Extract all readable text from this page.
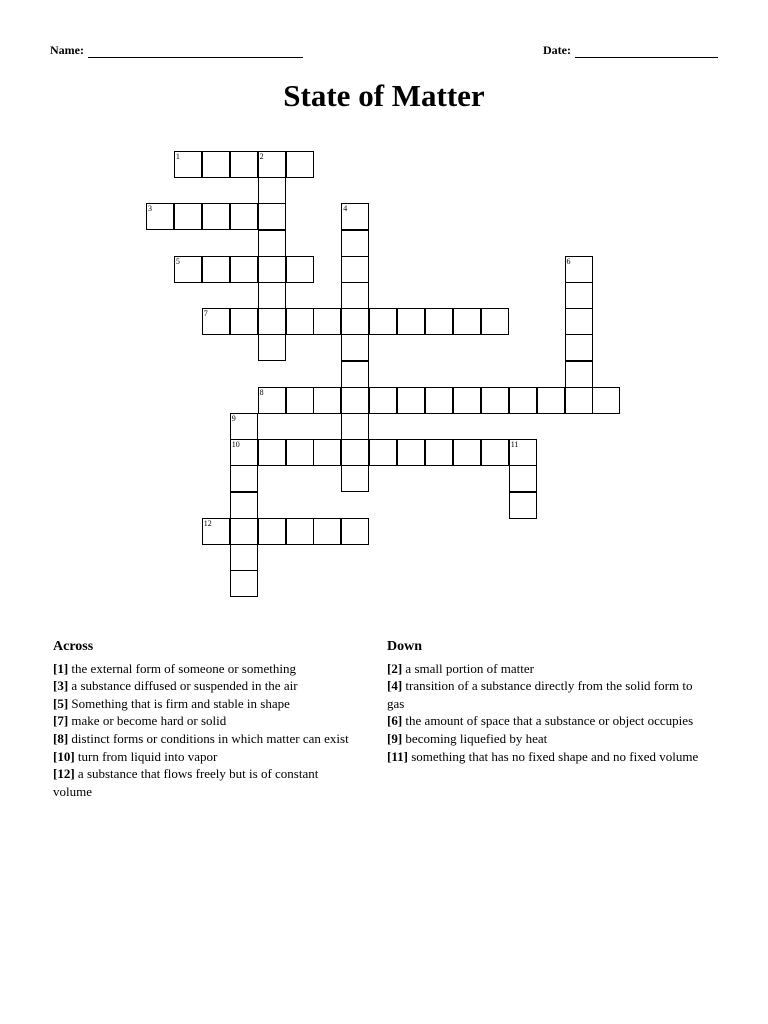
Name:	Date:
State of Matter
1	2
3
5
7
8
10	11
12
4
6
9
Across
[1] the external form of someone or something
[3] a substance diffused or suspended in the air
[5] Something that is firm and stable in shape
[7] make or become hard or solid
[8] distinct forms or conditions in which matter can exist
[10] turn from liquid into vapor
[12] a substance that flows freely but is of constant volume
Down
[2] a small portion of matter
[4] transition of a substance directly from the solid form to gas
[6] the amount of space that a substance or object occupies
[9] becoming liquefied by heat
[11] something that has no fixed shape and no fixed volume
